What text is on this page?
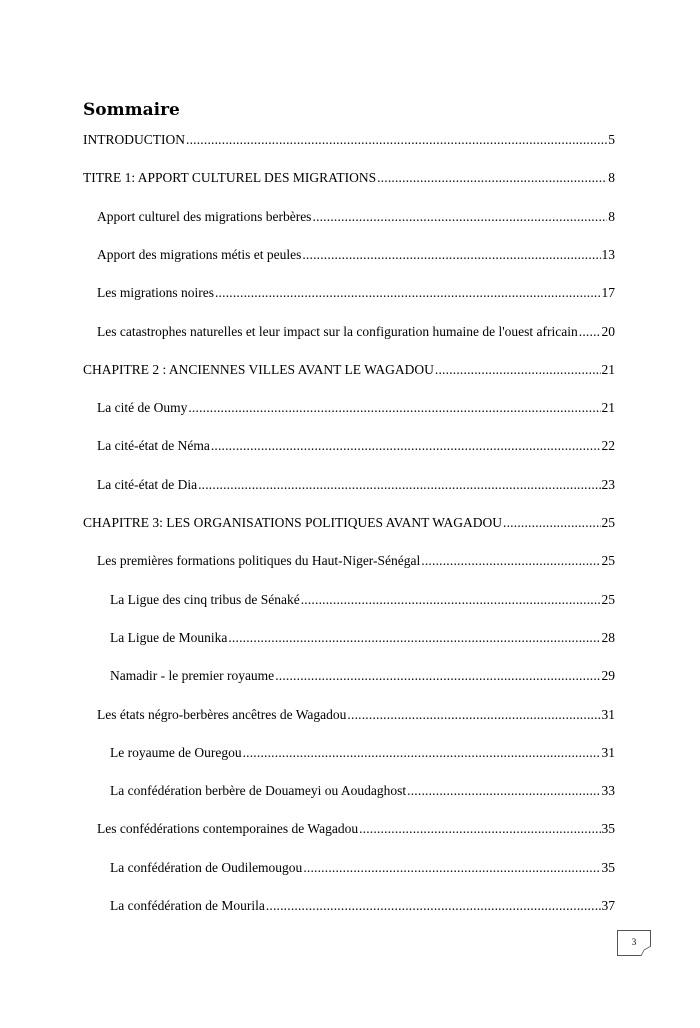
Sommaire
INTRODUCTION .....	5
TITRE 1: APPORT CULTUREL DES MIGRATIONS .....	8
Apport culturel des migrations berbères .....	8
Apport des migrations métis et peules .....	13
Les migrations noires .....	17
Les catastrophes naturelles et leur impact sur la configuration humaine de l'ouest africain ..... 20
CHAPITRE 2 : ANCIENNES VILLES AVANT LE WAGADOU .....	21
La cité de Oumy .....	21
La cité-état de Néma .....	22
La cité-état de Dia .....	23
CHAPITRE 3: LES ORGANISATIONS POLITIQUES AVANT WAGADOU .....	25
Les premières formations politiques du Haut-Niger-Sénégal .....	25
La Ligue des cinq tribus de Sénaké .....	25
La Ligue de Mounika .....	28
Namadir - le premier royaume .....	29
Les états négro-berbères ancêtres de Wagadou .....	31
Le royaume de Ouregou .....	31
La confédération berbère de Douameyi ou Aoudaghost .....	33
Les confédérations contemporaines de Wagadou .....	35
La confédération de Oudilemougou .....	35
La confédération de Mourila .....	37
3
